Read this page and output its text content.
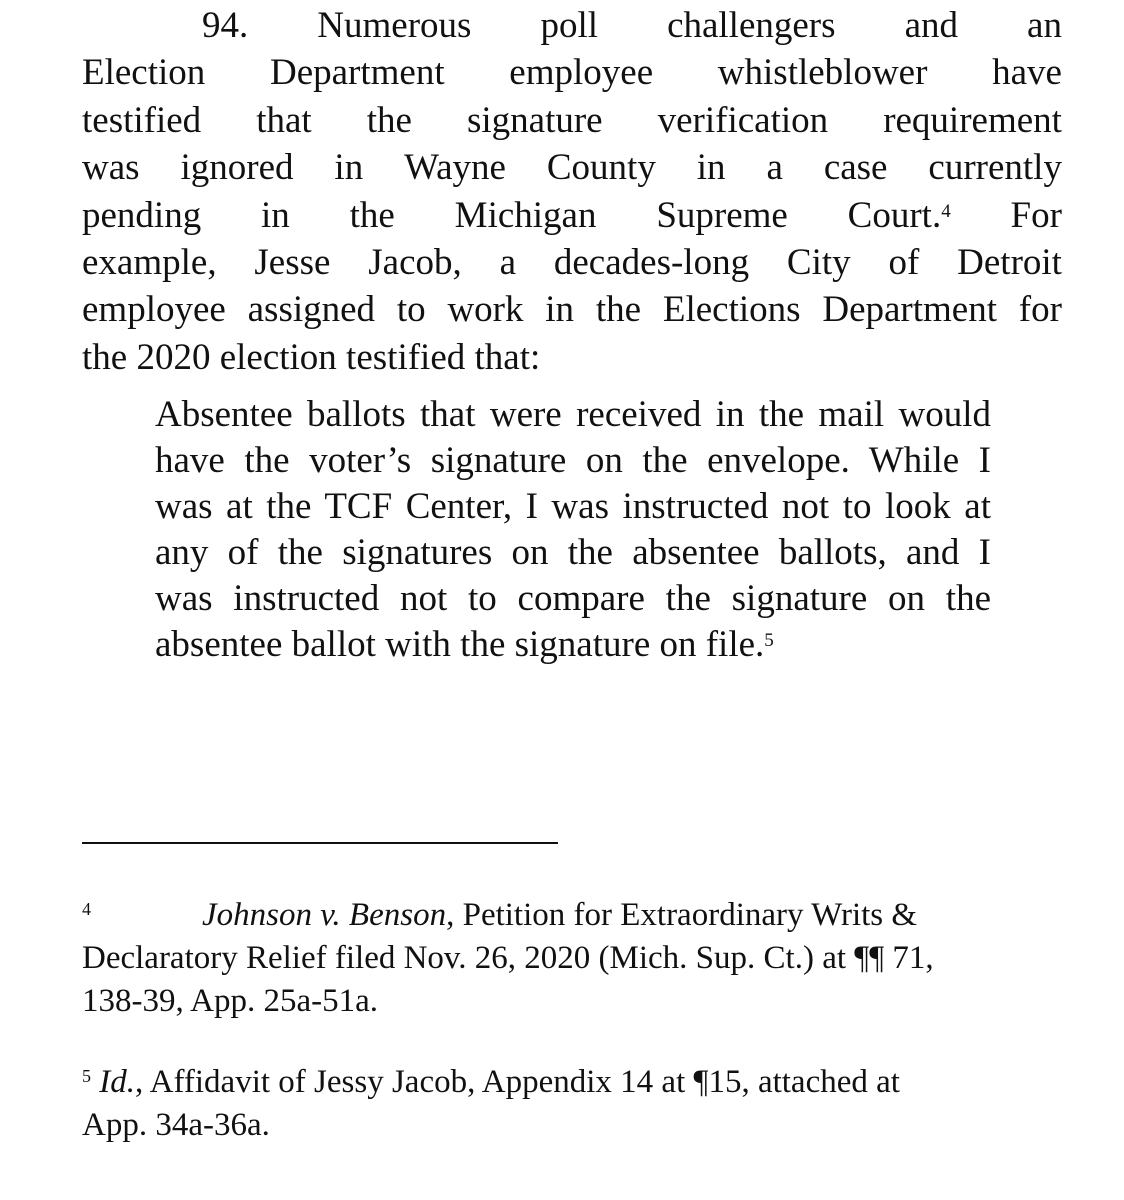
94. Numerous poll challengers and an
Election Department employee whistleblower have
testified that the signature verification requirement
was ignored in Wayne County in a case currently
pending in the Michigan Supreme Court.4 For
example, Jesse Jacob, a decades-long City of Detroit
employee assigned to work in the Elections Department for
the 2020 election testified that:
Absentee ballots that were received in the mail would
have the voter’s signature on the envelope. While I
was at the TCF Center, I was instructed not to look at
any of the signatures on the absentee ballots, and I
was instructed not to compare the signature on the
absentee ballot with the signature on file.$^5$
4	Johnson v. Benson, Petition for Extraordinary Writs &
Declaratory Relief filed Nov. 26, 2020 (Mich. Sup. Ct.) at ¶¶ 71,
138-39, App. 25a-51a.
$^5$ Id., Affidavit of Jessy Jacob, Appendix 14 at ¶15, attached at
App. 34a-36a.
